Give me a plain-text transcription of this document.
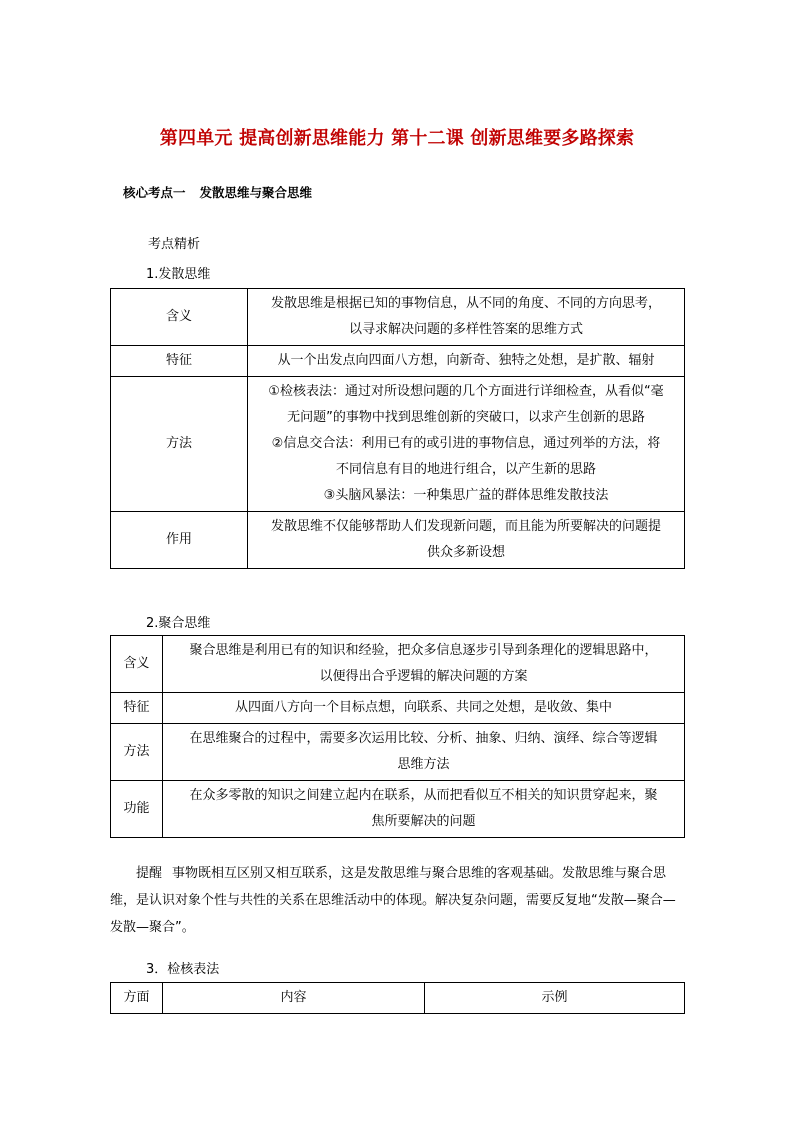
第四单元 提高创新思维能力 第十二课 创新思维要多路探索
核心考点一 发散思维与聚合思维
考点精析
1.发散思维
含义	发散思维是根据已知的事物信息，从不同的角度、不同的方向思考，
以寻求解决问题的多样性答案的思维方式

特征	从一个出发点向四面八方想，向新奇、独特之处想，是扩散、辐射

方法	①检核表法：通过对所设想问题的几个方面进行详细检查，从看似“毫
无问题”的事物中找到思维创新的突破口，以求产生创新的思路
②信息交合法：利用已有的或引进的事物信息，通过列举的方法，将
不同信息有目的地进行组合，以产生新的思路
③头脑风暴法：一种集思广益的群体思维发散技法

作用	发散思维不仅能够帮助人们发现新问题，而且能为所要解决的问题提
供众多新设想
2.聚合思维
含义	聚合思维是利用已有的知识和经验，把众多信息逐步引导到条理化的逻辑思路中，
以便得出合乎逻辑的解决问题的方案

特征	从四面八方向一个目标点想，向联系、共同之处想，是收敛、集中

方法	在思维聚合的过程中，需要多次运用比较、分析、抽象、归纳、演绎、综合等逻辑
思维方法

功能	在众多零散的知识之间建立起内在联系，从而把看似互不相关的知识贯穿起来，聚
焦所要解决的问题
提醒 事物既相互区别又相互联系，这是发散思维与聚合思维的客观基础。发散思维与聚合思维，是认识对象个性与共性的关系在思维活动中的体现。解决复杂问题，需要反复地“发散—聚合—发散—聚合”。
3．检核表法
方面	内容	示例
